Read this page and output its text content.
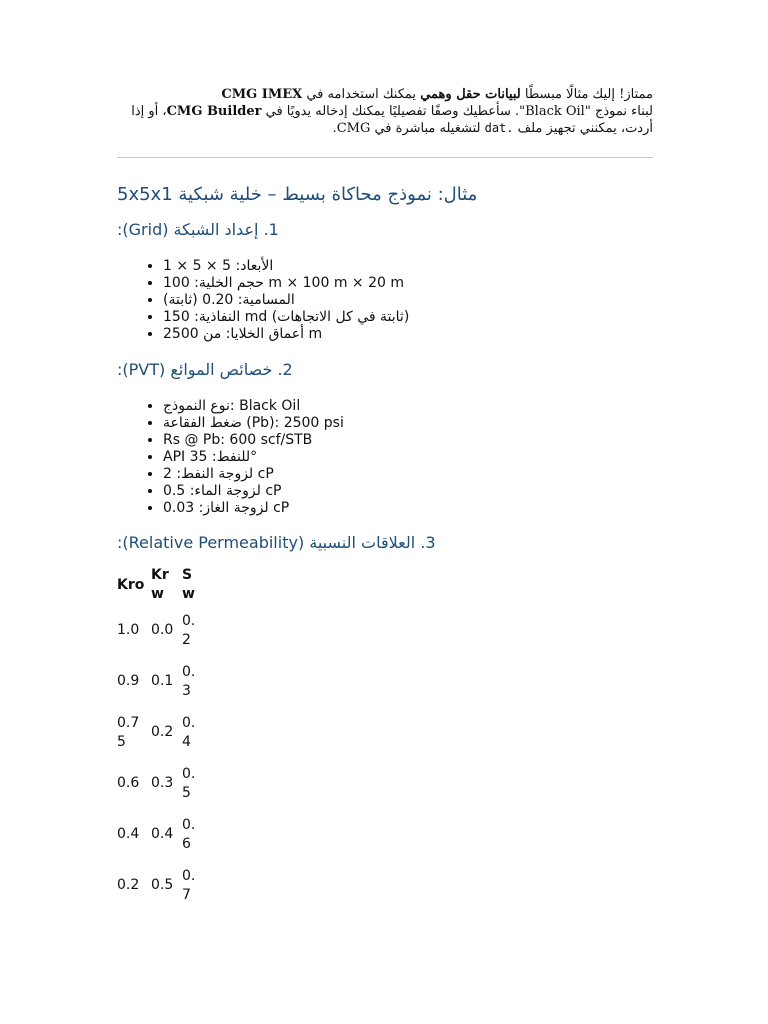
ممتاز! إليك مثالًا مبسطًا لبيانات حقل وهمي يمكنك استخدامه في CMG IMEX
لبناء نموذج "Black Oil". سأعطيك وصفًا تفصيليًا يمكنك إدخاله يدويًا في CMG Builder، أو إذا أردت، يمكنني تجهيز ملف .dat لتشغيله مباشرة في CMG.

مثال: نموذج محاكاة بسيط – خلية شبكية 5x5x1
1. إعداد الشبكة (Grid):
• الأبعاد: 5 × 5 × 1
• حجم الخلية: 100 m × 100 m × 20 m
• المسامية: 0.20 (ثابتة)
• النفاذية: 150 md (ثابتة في كل الاتجاهات)
• أعماق الخلايا: من 2500 m
2. خصائص الموائع (PVT):
• نوع النموذج: Black Oil
• ضغط الفقاعة (Pb): 2500 psi
• Rs @ Pb: 600 scf/STB
• API للنفط: 35°
• لزوجة النفط: 2 cP
• لزوجة الماء: 0.5 cP
• لزوجة الغاز: 0.03 cP
3. العلاقات النسبية (Relative Permeability):
Kro	Krw	Sw
1.0	0.0	0.2
0.9	0.1	0.3
0.75	0.2	0.4
0.6	0.3	0.5
0.4	0.4	0.6
0.2	0.5	0.7
